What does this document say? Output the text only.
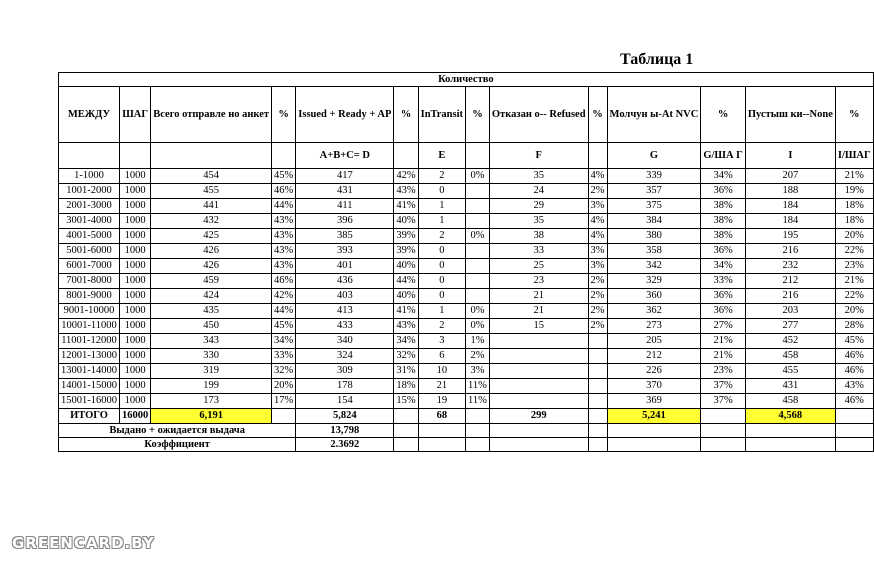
Таблица 1
Количество													
МЕЖДУ	ШАГ	Всего отправле но анкет	%	Issued + Ready + AP	%	InTransit	%	Отказан о-- Refused	%	Молчун ы-At NVC	%	Пустыш ки--None	%
				A+B+C= D		E		F		G	G/ША Г	I	I/ШАГ
1-1000	1000	454	45%	417	42%	2	0%	35	4%	339	34%	207	21%
1001-2000	1000	455	46%	431	43%	0		24	2%	357	36%	188	19%
2001-3000	1000	441	44%	411	41%	1		29	3%	375	38%	184	18%
3001-4000	1000	432	43%	396	40%	1		35	4%	384	38%	184	18%
4001-5000	1000	425	43%	385	39%	2	0%	38	4%	380	38%	195	20%
5001-6000	1000	426	43%	393	39%	0		33	3%	358	36%	216	22%
6001-7000	1000	426	43%	401	40%	0		25	3%	342	34%	232	23%
7001-8000	1000	459	46%	436	44%	0		23	2%	329	33%	212	21%
8001-9000	1000	424	42%	403	40%	0		21	2%	360	36%	216	22%
9001-10000	1000	435	44%	413	41%	1	0%	21	2%	362	36%	203	20%
10001-11000	1000	450	45%	433	43%	2	0%	15	2%	273	27%	277	28%
11001-12000	1000	343	34%	340	34%	3	1%			205	21%	452	45%
12001-13000	1000	330	33%	324	32%	6	2%			212	21%	458	46%
13001-14000	1000	319	32%	309	31%	10	3%			226	23%	455	46%
14001-15000	1000	199	20%	178	18%	21	11%			370	37%	431	43%
15001-16000	1000	173	17%	154	15%	19	11%			369	37%	458	46%
ИТОГО	16000	6,191		5,824		68		299		5,241		4,568	
Выдано + ожидается выдача				13,798									
Коэффициент				2.3692									
GREENCARD.BY
